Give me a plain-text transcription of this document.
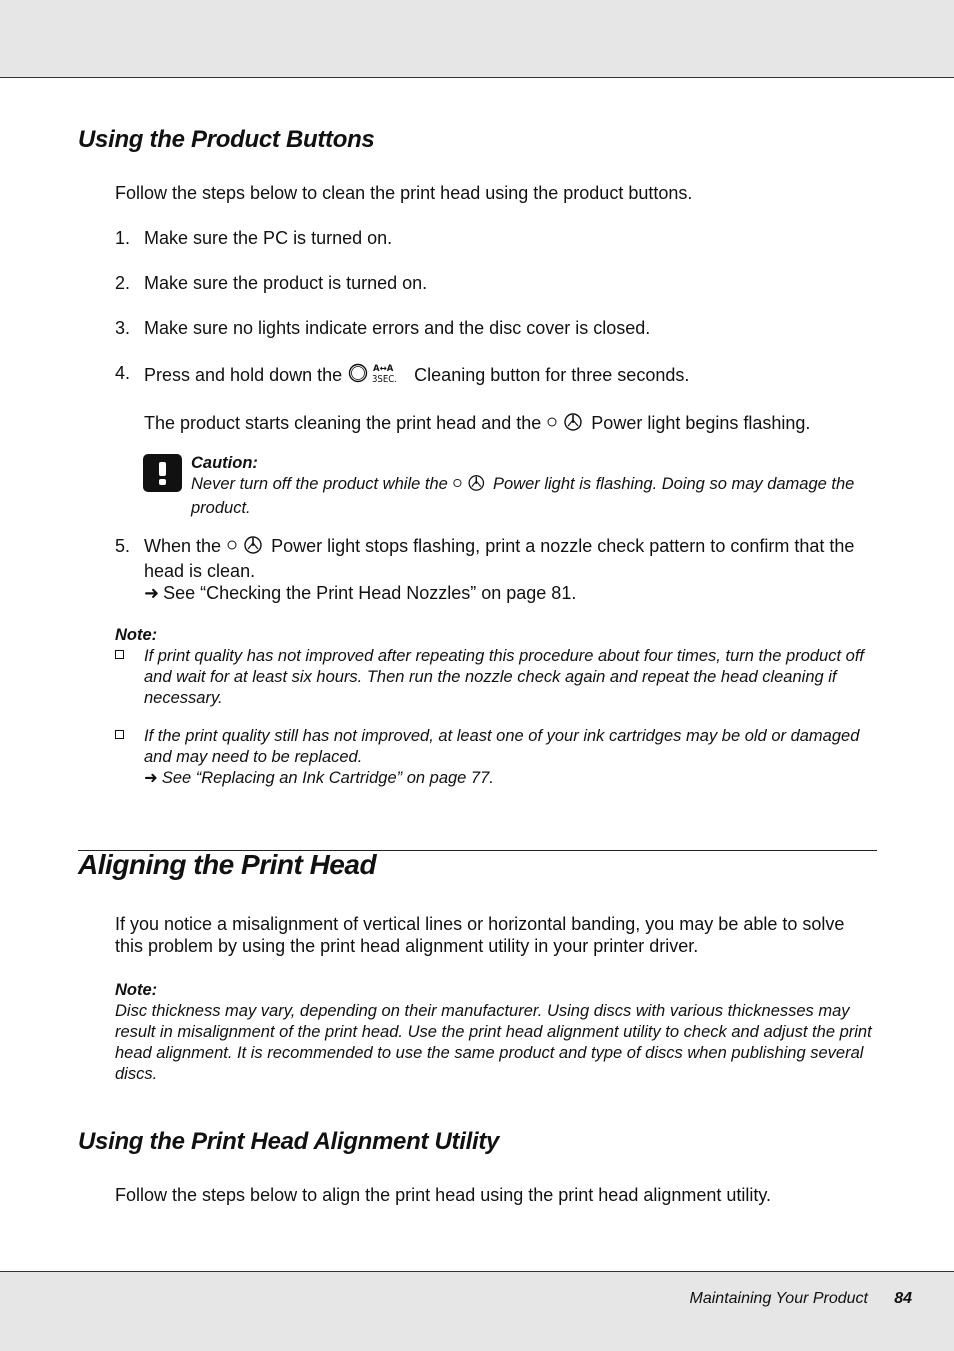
Maintaining Your Product 84
Using the Product Buttons

Follow the steps below to clean the print head using the product buttons.

1. Make sure the PC is turned on.
2. Make sure the product is turned on.
3. Make sure no lights indicate errors and the disc cover is closed.
4. Press and hold down the	A↔A
3SEC. Cleaning button for three seconds.
The product starts cleaning the print head and the	Power light begins flashing.
Caution:
Never turn off the product while the	Power light is flashing. Doing so may damage the product.
5. When the	Power light stops flashing, print a nozzle check pattern to confirm that the head is clean.
➜ See “Checking the Print Head Nozzles” on page 81.
Note:
If print quality has not improved after repeating this procedure about four times, turn the product off and wait for at least six hours. Then run the nozzle check again and repeat the head cleaning if necessary.
If the print quality still has not improved, at least one of your ink cartridges may be old or damaged and may need to be replaced.
➜ See “Replacing an Ink Cartridge” on page 77.
Aligning the Print Head

If you notice a misalignment of vertical lines or horizontal banding, you may be able to solve this problem by using the print head alignment utility in your printer driver.

Note:
Disc thickness may vary, depending on their manufacturer. Using discs with various thicknesses may result in misalignment of the print head. Use the print head alignment utility to check and adjust the print head alignment. It is recommended to use the same product and type of discs when publishing several discs.
Using the Print Head Alignment Utility

Follow the steps below to align the print head using the print head alignment utility.
